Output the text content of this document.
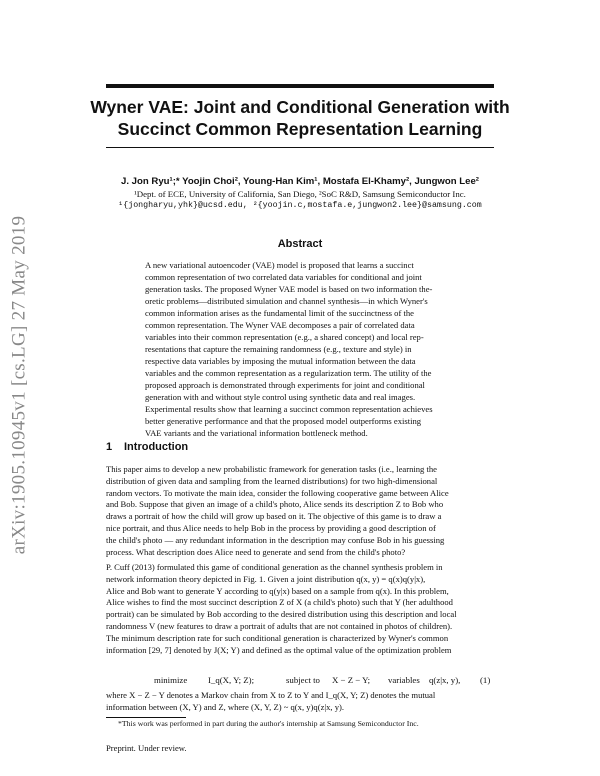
arXiv:1905.10945v1 [cs.LG] 27 May 2019
Wyner VAE: Joint and Conditional Generation with
Succinct Common Representation Learning
J. Jon Ryu¹;* Yoojin Choi², Young-Han Kim¹, Mostafa El-Khamy², Jungwon Lee²
¹Dept. of ECE, University of California, San Diego, ²SoC R&D, Samsung Semiconductor Inc.
¹{jongharyu,yhk}@ucsd.edu, ²{yoojin.c,mostafa.e,jungwon2.lee}@samsung.com
Abstract
A new variational autoencoder (VAE) model is proposed that learns a succinct
common representation of two correlated data variables for conditional and joint
generation tasks. The proposed Wyner VAE model is based on two information the-
oretic problems—distributed simulation and channel synthesis—in which Wyner's
common information arises as the fundamental limit of the succinctness of the
common representation. The Wyner VAE decomposes a pair of correlated data
variables into their common representation (e.g., a shared concept) and local rep-
resentations that capture the remaining randomness (e.g., texture and style) in
respective data variables by imposing the mutual information between the data
variables and the common representation as a regularization term. The utility of the
proposed approach is demonstrated through experiments for joint and conditional
generation with and without style control using synthetic data and real images.
Experimental results show that learning a succinct common representation achieves
better generative performance and that the proposed model outperforms existing
VAE variants and the variational information bottleneck method.
1 Introduction
This paper aims to develop a new probabilistic framework for generation tasks (i.e., learning the
distribution of given data and sampling from the learned distributions) for two high-dimensional
random vectors. To motivate the main idea, consider the following cooperative game between Alice
and Bob. Suppose that given an image of a child's photo, Alice sends its description Z to Bob who
draws a portrait of how the child will grow up based on it. The objective of this game is to draw a
nice portrait, and thus Alice needs to help Bob in the process by providing a good description of
the child's photo — any redundant information in the description may confuse Bob in his guessing
process. What description does Alice need to generate and send from the child's photo?
P. Cuff (2013) formulated this game of conditional generation as the channel synthesis problem in
network information theory depicted in Fig. 1. Given a joint distribution q(x, y) = q(x)q(y|x),
Alice and Bob want to generate Y according to q(y|x) based on a sample from q(x). In this problem,
Alice wishes to find the most succinct description Z of X (a child's photo) such that Y (her adulthood
portrait) can be simulated by Bob according to the desired distribution using this description and local
randomness V (new features to draw a portrait of adults that are not contained in photos of children).
The minimum description rate for such conditional generation is characterized by Wyner's common
information [29, 7] denoted by J(X; Y) and defined as the optimal value of the optimization problem
minimize I_q(X, Y; Z);	subject to X − Z − Y; variables q(z|x, y), (1)
where X − Z − Y denotes a Markov chain from X to Z to Y and I_q(X, Y; Z) denotes the mutual
information between (X, Y) and Z, where (X, Y, Z) ~ q(x, y)q(z|x, y).
*This work was performed in part during the author's internship at Samsung Semiconductor Inc.
Preprint. Under review.
